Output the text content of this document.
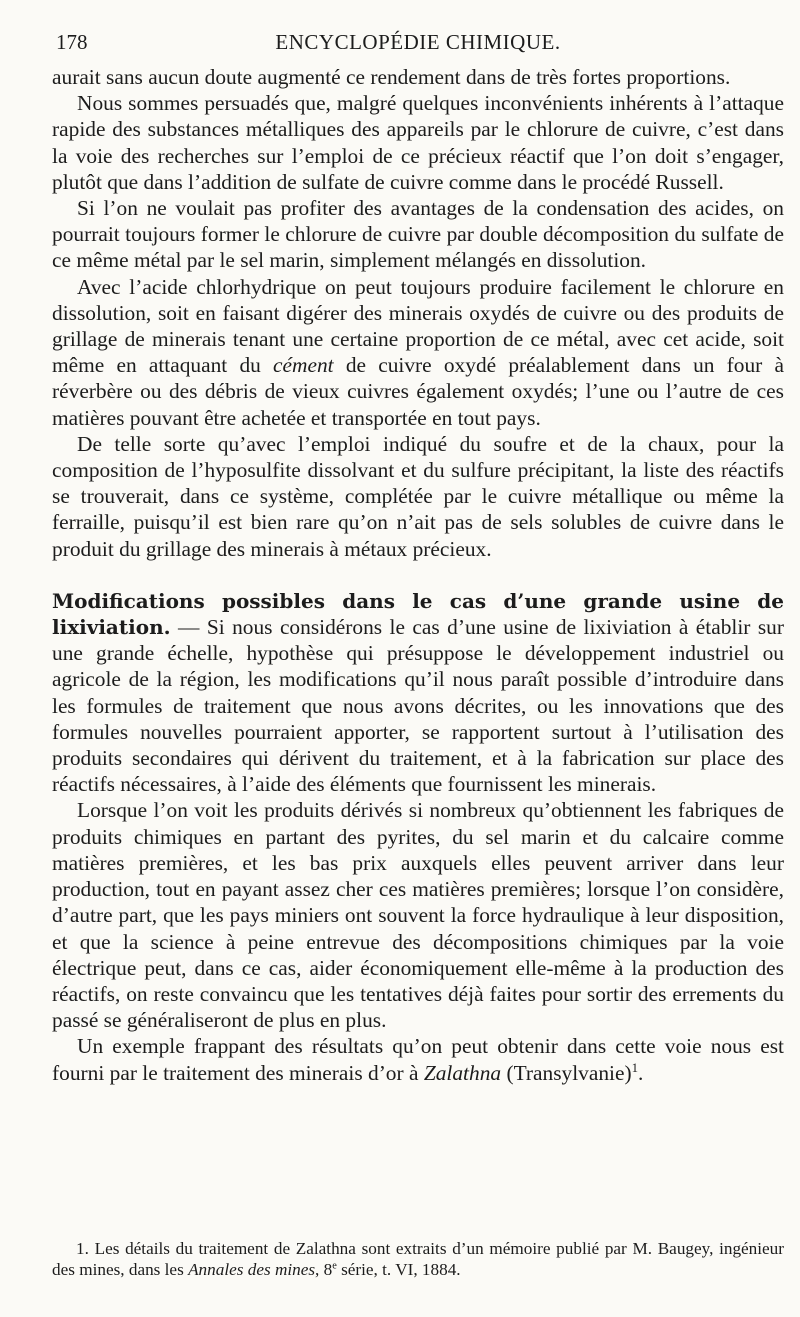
178	ENCYCLOPÉDIE CHIMIQUE.

aurait sans aucun doute augmenté ce rendement dans de très fortes proportions.

Nous sommes persuadés que, malgré quelques inconvénients inhérents à l’attaque rapide des substances métalliques des appareils par le chlorure de cuivre, c’est dans la voie des recherches sur l’emploi de ce précieux réactif que l’on doit s’engager, plutôt que dans l’addition de sulfate de cuivre comme dans le procédé Russell.

Si l’on ne voulait pas profiter des avantages de la condensation des acides, on pourrait toujours former le chlorure de cuivre par double décomposition du sulfate de ce même métal par le sel marin, simplement mélangés en dissolution.

Avec l’acide chlorhydrique on peut toujours produire facilement le chlorure en dissolution, soit en faisant digérer des minerais oxydés de cuivre ou des produits de grillage de minerais tenant une certaine proportion de ce métal, avec cet acide, soit même en attaquant du cément de cuivre oxydé préalablement dans un four à réverbère ou des débris de vieux cuivres également oxydés; l’une ou l’autre de ces matières pouvant être achetée et transportée en tout pays.

De telle sorte qu’avec l’emploi indiqué du soufre et de la chaux, pour la composition de l’hyposulfite dissolvant et du sulfure précipitant, la liste des réactifs se trouverait, dans ce système, complétée par le cuivre métallique ou même la ferraille, puisqu’il est bien rare qu’on n’ait pas de sels solubles de cuivre dans le produit du grillage des minerais à métaux précieux.

Modifications possibles dans le cas d’une grande usine de lixiviation. — Si nous considérons le cas d’une usine de lixiviation à établir sur une grande échelle, hypothèse qui présuppose le développement industriel ou agricole de la région, les modifications qu’il nous paraît possible d’introduire dans les formules de traitement que nous avons décrites, ou les innovations que des formules nouvelles pourraient apporter, se rapportent surtout à l’utilisation des produits secondaires qui dérivent du traitement, et à la fabrication sur place des réactifs nécessaires, à l’aide des éléments que fournissent les minerais.

Lorsque l’on voit les produits dérivés si nombreux qu’obtiennent les fabriques de produits chimiques en partant des pyrites, du sel marin et du calcaire comme matières premières, et les bas prix auxquels elles peuvent arriver dans leur production, tout en payant assez cher ces matières premières; lorsque l’on considère, d’autre part, que les pays miniers ont souvent la force hydraulique à leur disposition, et que la science à peine entrevue des décompositions chimiques par la voie électrique peut, dans ce cas, aider économiquement elle-même à la production des réactifs, on reste convaincu que les tentatives déjà faites pour sortir des errements du passé se généraliseront de plus en plus.

Un exemple frappant des résultats qu’on peut obtenir dans cette voie nous est fourni par le traitement des minerais d’or à Zalathna (Transylvanie)$^1$.

1. Les détails du traitement de Zalathna sont extraits d’un mémoire publié par M. Baugey, ingénieur des mines, dans les Annales des mines, 8e série, t. VI, 1884.
